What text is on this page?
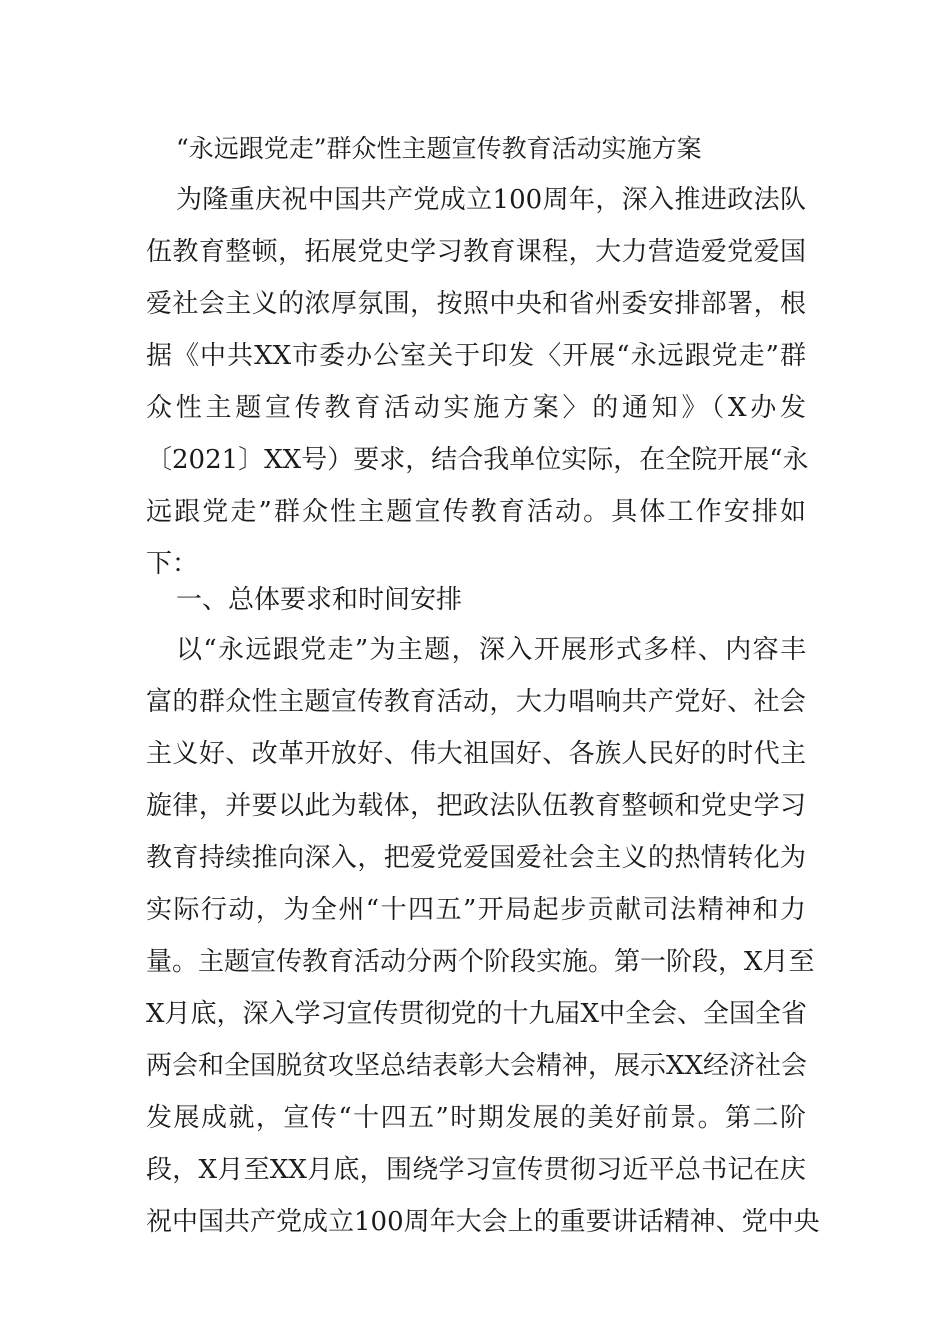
“永远跟党走”群众性主题宣传教育活动实施方案
为隆重庆祝中国共产党成立100周年，深入推进政法队
伍教育整顿，拓展党史学习教育课程，大力营造爱党爱国
爱社会主义的浓厚氛围，按照中央和省州委安排部署，根
据《中共XX市委办公室关于印发〈开展“永远跟党走”群
众性主题宣传教育活动实施方案〉的通知》（X办发
〔2021〕XX号）要求，结合我单位实际，在全院开展“永
远跟党走”群众性主题宣传教育活动。具体工作安排如
下：
一、总体要求和时间安排
以“永远跟党走”为主题，深入开展形式多样、内容丰
富的群众性主题宣传教育活动，大力唱响共产党好、社会
主义好、改革开放好、伟大祖国好、各族人民好的时代主
旋律，并要以此为载体，把政法队伍教育整顿和党史学习
教育持续推向深入，把爱党爱国爱社会主义的热情转化为
实际行动，为全州“十四五”开局起步贡献司法精神和力
量。主题宣传教育活动分两个阶段实施。第一阶段，X月至
X月底，深入学习宣传贯彻党的十九届X中全会、全国全省
两会和全国脱贫攻坚总结表彰大会精神，展示XX经济社会
发展成就，宣传“十四五”时期发展的美好前景。第二阶
段，X月至XX月底，围绕学习宣传贯彻习近平总书记在庆
祝中国共产党成立100周年大会上的重要讲话精神、党中央
